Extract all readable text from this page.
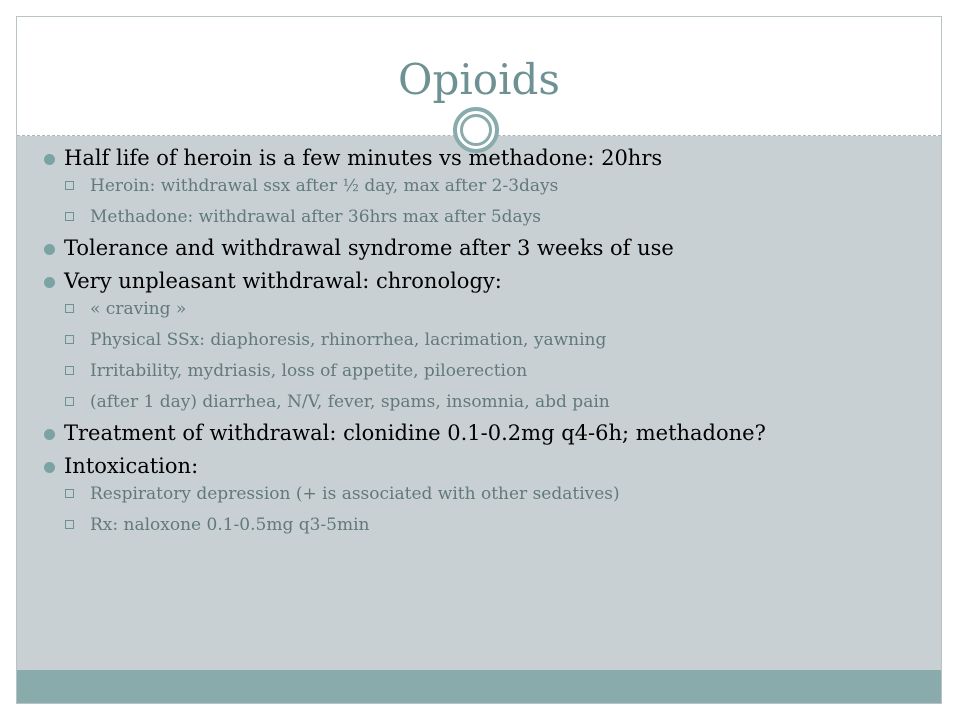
Opioids
Half life of heroin is a few minutes vs methadone: 20hrs
Heroin: withdrawal ssx after ½ day, max after 2-3days
Methadone: withdrawal after 36hrs max after 5days
Tolerance and withdrawal syndrome after 3 weeks of use
Very unpleasant withdrawal: chronology:
« craving »
Physical SSx: diaphoresis, rhinorrhea, lacrimation, yawning
Irritability, mydriasis, loss of appetite, piloerection
(after 1 day) diarrhea, N/V, fever, spams, insomnia, abd pain
Treatment of withdrawal: clonidine 0.1-0.2mg q4-6h; methadone?
Intoxication:
Respiratory depression (+ is associated with other sedatives)
Rx: naloxone 0.1-0.5mg q3-5min
